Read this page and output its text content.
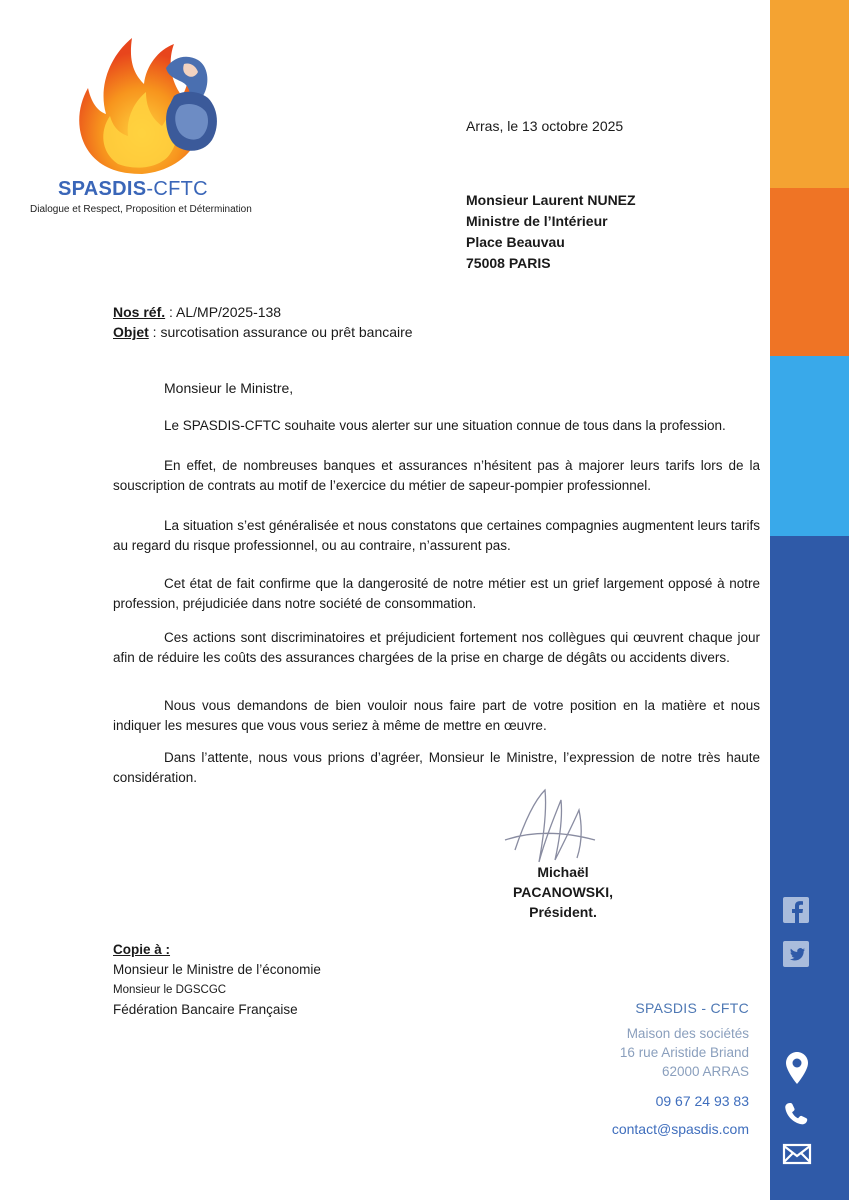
SPASDIS-CFTC
Dialogue et Respect, Proposition et Détermination
Arras, le 13 octobre 2025
Monsieur Laurent NUNEZ
Ministre de l’Intérieur
Place Beauvau
75008 PARIS
Nos réf. : AL/MP/2025-138
Objet : surcotisation assurance ou prêt bancaire
Monsieur le Ministre,
Le SPASDIS-CFTC souhaite vous alerter sur une situation connue de tous dans la profession.
En effet, de nombreuses banques et assurances n’hésitent pas à majorer leurs tarifs lors de la souscription de contrats au motif de l’exercice du métier de sapeur-pompier professionnel.
La situation s’est généralisée et nous constatons que certaines compagnies augmentent leurs tarifs au regard du risque professionnel, ou au contraire, n’assurent pas.
Cet état de fait confirme que la dangerosité de notre métier est un grief largement opposé à notre profession, préjudiciée dans notre société de consommation.
Ces actions sont discriminatoires et préjudicient fortement nos collègues qui œuvrent chaque jour afin de réduire les coûts des assurances chargées de la prise en charge de dégâts ou accidents divers.
Nous vous demandons de bien vouloir nous faire part de votre position en la matière et nous indiquer les mesures que vous vous seriez à même de mettre en œuvre.
Dans l’attente, nous vous prions d’agréer, Monsieur le Ministre, l’expression de notre très haute considération.
Michaël PACANOWSKI,
Président.
Copie à :
Monsieur le Ministre de l’économie
Monsieur le DGSCGC
Fédération Bancaire Française	SPASDIS - CFTC
Maison des sociétés
16 rue Aristide Briand
62000 ARRAS
09 67 24 93 83
contact@spasdis.com
